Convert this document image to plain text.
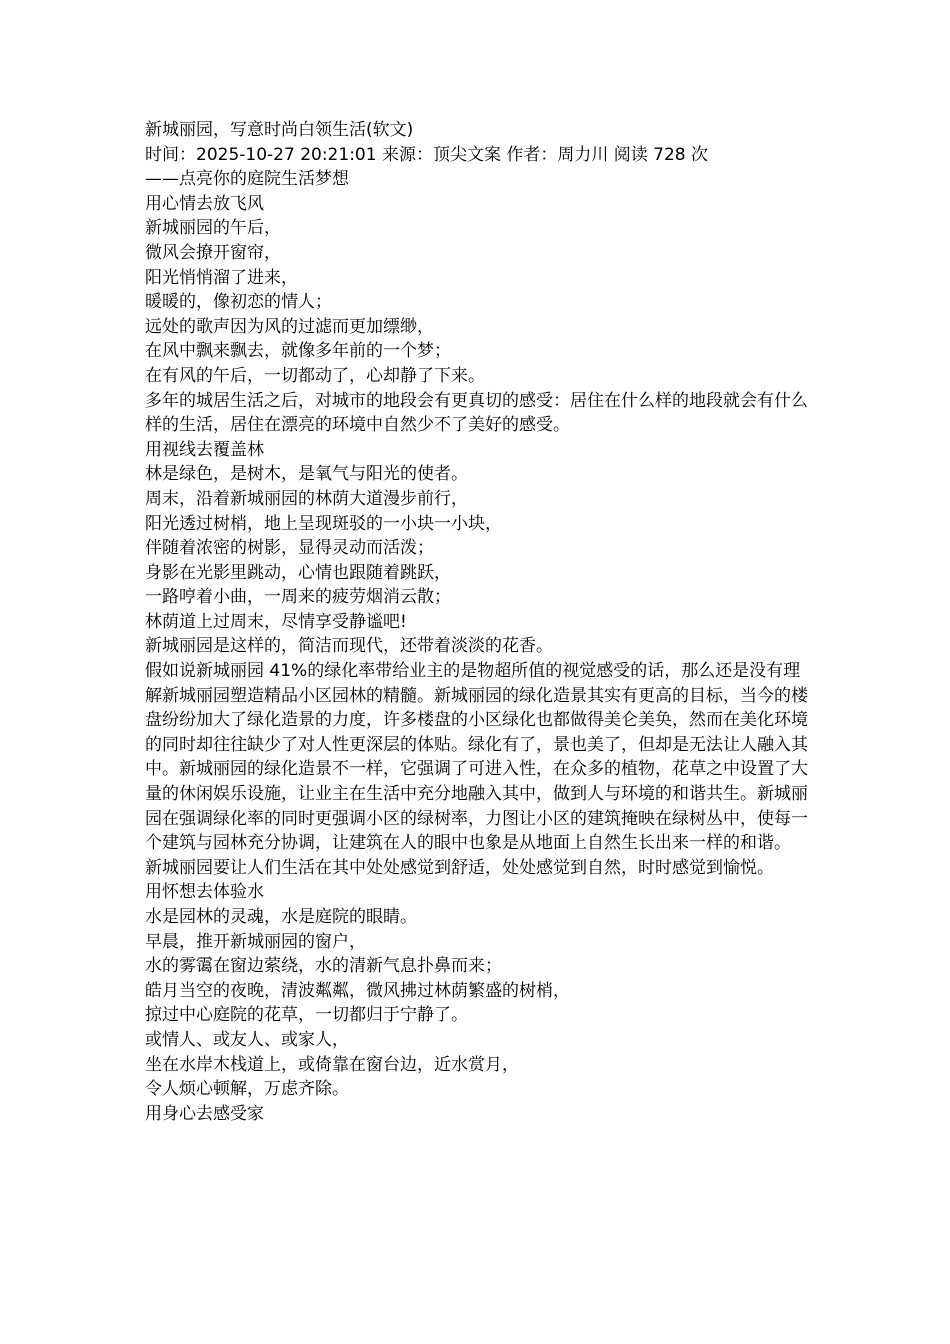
新城丽园，写意时尚白领生活(软文)

时间：2025-10-27 20:21:01 来源：顶尖文案 作者：周力川 阅读 728 次

——点亮你的庭院生活梦想

用心情去放飞风

新城丽园的午后，

微风会撩开窗帘，

阳光悄悄溜了进来，

暖暖的，像初恋的情人；

远处的歌声因为风的过滤而更加缥缈，

在风中飘来飘去，就像多年前的一个梦；

在有风的午后，一切都动了，心却静了下来。

多年的城居生活之后，对城市的地段会有更真切的感受：居住在什么样的地段就会有什么样的生活，居住在漂亮的环境中自然少不了美好的感受。

用视线去覆盖林

林是绿色，是树木，是氧气与阳光的使者。

周末，沿着新城丽园的林荫大道漫步前行，

阳光透过树梢，地上呈现斑驳的一小块一小块，

伴随着浓密的树影，显得灵动而活泼；

身影在光影里跳动，心情也跟随着跳跃，

一路哼着小曲，一周来的疲劳烟消云散；

林荫道上过周末，尽情享受静谧吧!

新城丽园是这样的，简洁而现代，还带着淡淡的花香。

假如说新城丽园 41%的绿化率带给业主的是物超所值的视觉感受的话，那么还是没有理解新城丽园塑造精品小区园林的精髓。新城丽园的绿化造景其实有更高的目标，当今的楼盘纷纷加大了绿化造景的力度，许多楼盘的小区绿化也都做得美仑美奂，然而在美化环境的同时却往往缺少了对人性更深层的体贴。绿化有了，景也美了，但却是无法让人融入其中。新城丽园的绿化造景不一样，它强调了可进入性，在众多的植物，花草之中设置了大量的休闲娱乐设施，让业主在生活中充分地融入其中，做到人与环境的和谐共生。新城丽园在强调绿化率的同时更强调小区的绿树率，力图让小区的建筑掩映在绿树丛中，使每一个建筑与园林充分协调，让建筑在人的眼中也象是从地面上自然生长出来一样的和谐。

新城丽园要让人们生活在其中处处感觉到舒适，处处感觉到自然，时时感觉到愉悦。

用怀想去体验水

水是园林的灵魂，水是庭院的眼睛。

早晨，推开新城丽园的窗户，

水的雾霭在窗边萦绕，水的清新气息扑鼻而来；

皓月当空的夜晚，清波粼粼，微风拂过林荫繁盛的树梢，

掠过中心庭院的花草，一切都归于宁静了。

或情人、或友人、或家人，

坐在水岸木栈道上，或倚靠在窗台边，近水赏月，

令人烦心顿解，万虑齐除。

用身心去感受家
